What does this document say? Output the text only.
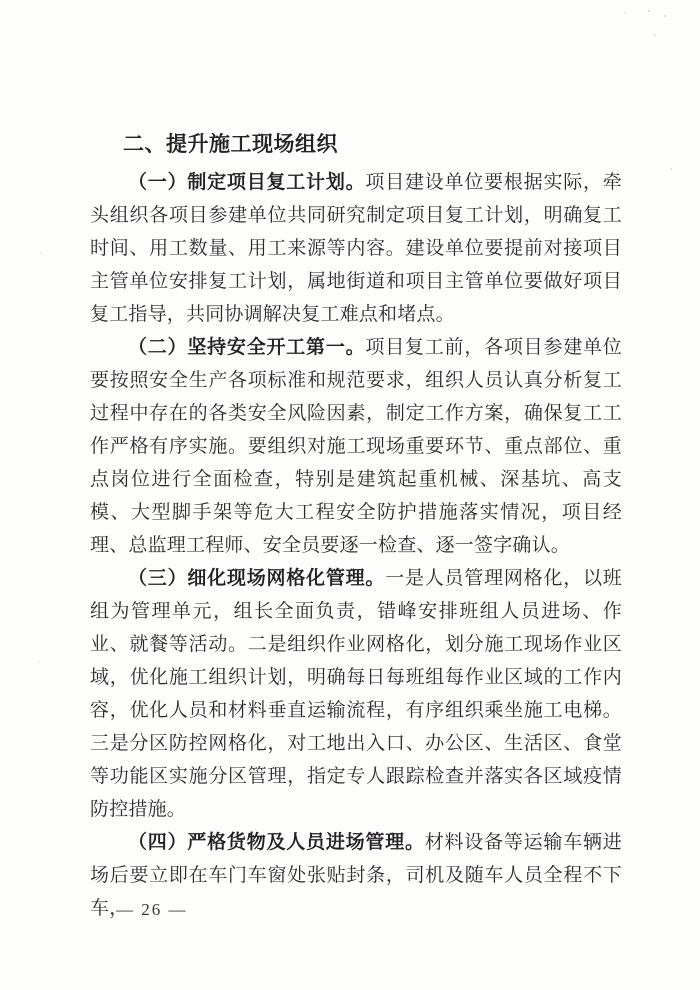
二、提升施工现场组织

（一）制定项目复工计划。项目建设单位要根据实际，牵头组织各项目参建单位共同研究制定项目复工计划，明确复工时间、用工数量、用工来源等内容。建设单位要提前对接项目主管单位安排复工计划，属地街道和项目主管单位要做好项目复工指导，共同协调解决复工难点和堵点。

（二）坚持安全开工第一。项目复工前，各项目参建单位要按照安全生产各项标准和规范要求，组织人员认真分析复工过程中存在的各类安全风险因素，制定工作方案，确保复工工作严格有序实施。要组织对施工现场重要环节、重点部位、重点岗位进行全面检查，特别是建筑起重机械、深基坑、高支模、大型脚手架等危大工程安全防护措施落实情况，项目经理、总监理工程师、安全员要逐一检查、逐一签字确认。

（三）细化现场网格化管理。一是人员管理网格化，以班组为管理单元，组长全面负责，错峰安排班组人员进场、作业、就餐等活动。二是组织作业网格化，划分施工现场作业区域，优化施工组织计划，明确每日每班组每作业区域的工作内容，优化人员和材料垂直运输流程，有序组织乘坐施工电梯。三是分区防控网格化，对工地出入口、办公区、生活区、食堂等功能区实施分区管理，指定专人跟踪检查并落实各区域疫情防控措施。

（四）严格货物及人员进场管理。材料设备等运输车辆进场后要立即在车门车窗处张贴封条，司机及随车人员全程不下车，

— 26 —
